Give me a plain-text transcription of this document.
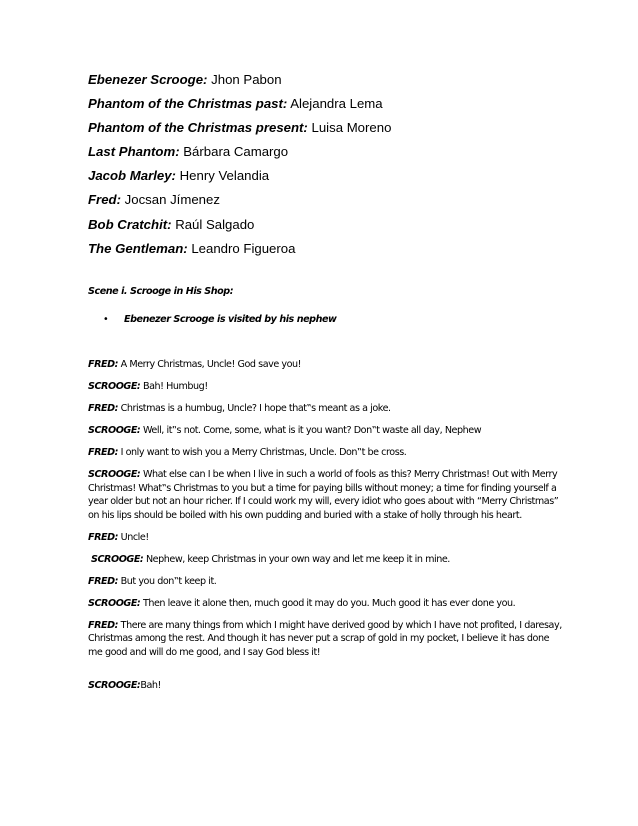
Ebenezer Scrooge: Jhon Pabon
Phantom of the Christmas past: Alejandra Lema
Phantom of the Christmas present: Luisa Moreno
Last Phantom: Bárbara Camargo
Jacob Marley: Henry Velandia
Fred: Jocsan Jímenez
Bob Cratchit: Raúl Salgado
The Gentleman: Leandro Figueroa
Scene i. Scrooge in His Shop:
• Ebenezer Scrooge is visited by his nephew

FRED: A Merry Christmas, Uncle! God save you!

SCROOGE: Bah! Humbug!

FRED: Christmas is a humbug, Uncle? I hope that‟s meant as a joke.

SCROOGE: Well, it‟s not. Come, some, what is it you want? Don‟t waste all day, Nephew

FRED: I only want to wish you a Merry Christmas, Uncle. Don‟t be cross.

SCROOGE: What else can I be when I live in such a world of fools as this? Merry Christmas! Out with Merry Christmas! What‟s Christmas to you but a time for paying bills without money; a time for finding yourself a year older but not an hour richer. If I could work my will, every idiot who goes about with “Merry Christmas” on his lips should be boiled with his own pudding and buried with a stake of holly through his heart.

FRED: Uncle!

SCROOGE: Nephew, keep Christmas in your own way and let me keep it in mine.

FRED: But you don‟t keep it.

SCROOGE: Then leave it alone then, much good it may do you. Much good it has ever done you.

FRED: There are many things from which I might have derived good by which I have not profited, I daresay, Christmas among the rest. And though it has never put a scrap of gold in my pocket, I believe it has done me good and will do me good, and I say God bless it!

SCROOGE:Bah!
